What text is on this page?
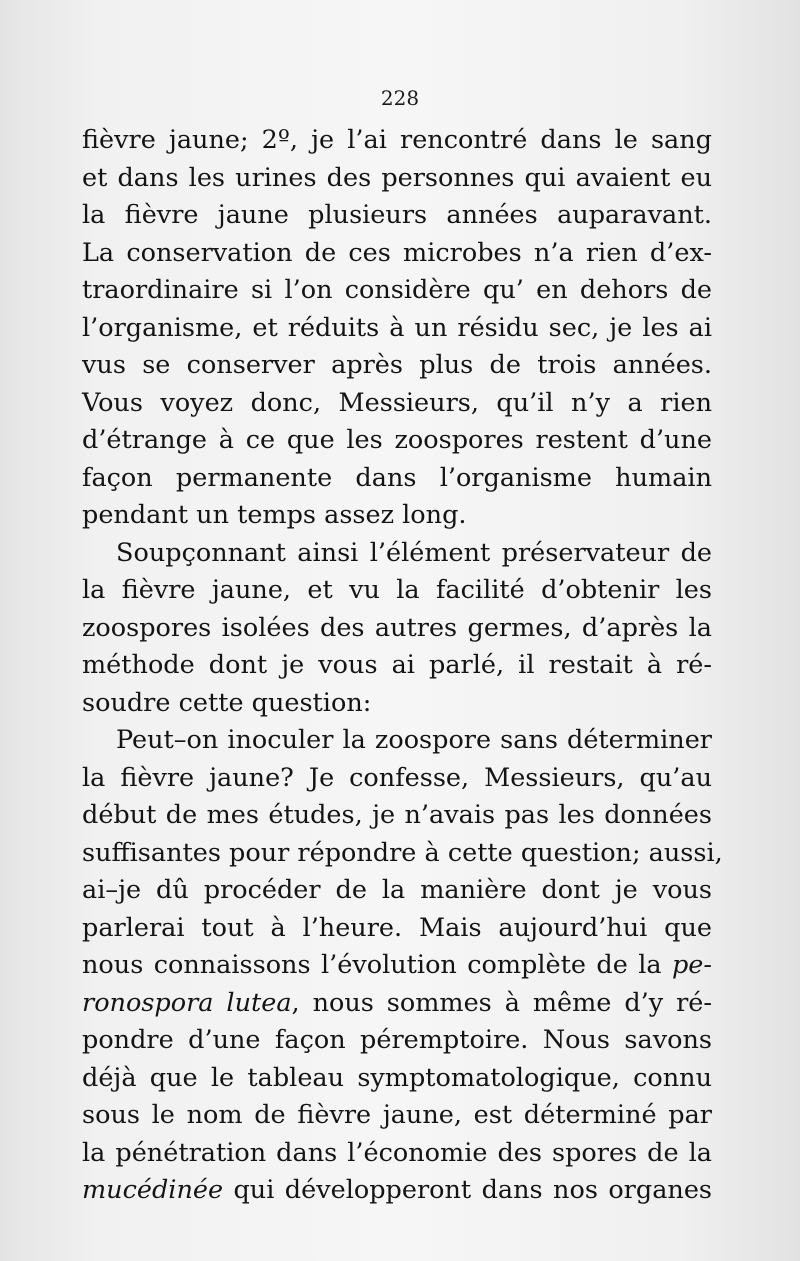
228
fièvre jaune; 2º, je l’ai rencontré dans le sang
et dans les urines des personnes qui avaient eu
la fièvre jaune plusieurs années auparavant.
La conservation de ces microbes n’a rien d’ex-
traordinaire si l’on considère qu’ en dehors de
l’organisme, et réduits à un résidu sec, je les ai
vus se conserver après plus de trois années.
Vous voyez donc, Messieurs, qu’il n’y a rien
d’étrange à ce que les zoospores restent d’une
façon permanente dans l’organisme humain
pendant un temps assez long.
Soupçonnant ainsi l’élément préservateur de
la fièvre jaune, et vu la facilité d’obtenir les
zoospores isolées des autres germes, d’après la
méthode dont je vous ai parlé, il restait à ré-
soudre cette question:
Peut–on inoculer la zoospore sans déterminer
la fièvre jaune? Je confesse, Messieurs, qu’au
début de mes études, je n’avais pas les données
suffisantes pour répondre à cette question; aussi,
ai–je dû procéder de la manière dont je vous
parlerai tout à l’heure. Mais aujourd’hui que
nous connaissons l’évolution complète de la pe-
ronospora lutea, nous sommes à même d’y ré-
pondre d’une façon péremptoire. Nous savons
déjà que le tableau symptomatologique, connu
sous le nom de fièvre jaune, est déterminé par
la pénétration dans l’économie des spores de la
mucédinée qui développeront dans nos organes
